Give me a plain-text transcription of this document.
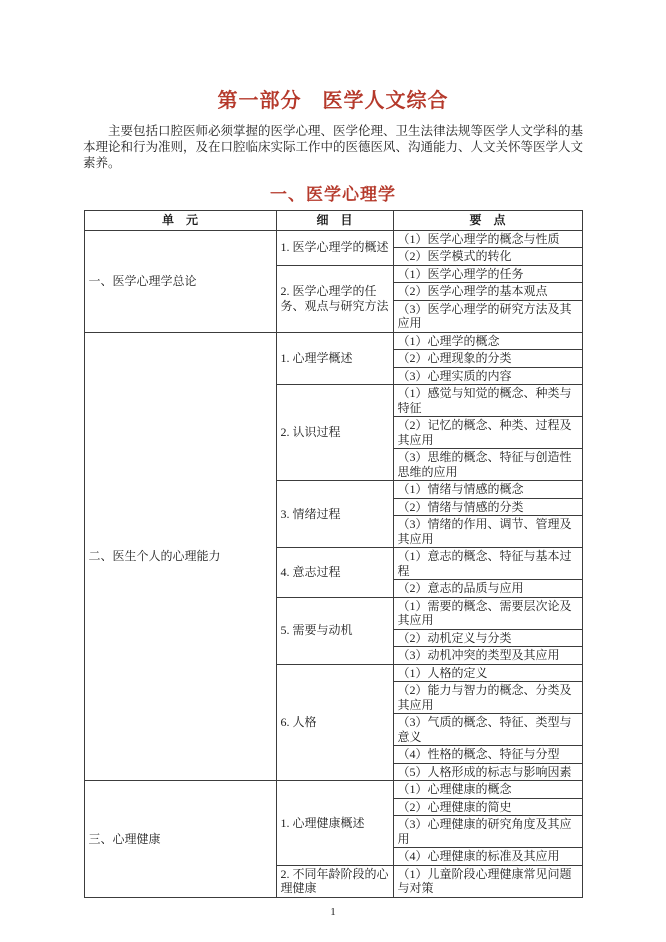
第一部分　医学人文综合

主要包括口腔医师必须掌握的医学心理、医学伦理、卫生法律法规等医学人文学科的基本理论和行为准则，及在口腔临床实际工作中的医德医风、沟通能力、人文关怀等医学人文素养。

一、医学心理学
单　元	细　目	要　点
一、医学心理学总论	1. 医学心理学的概述	（1）医学心理学的概念与性质
		（2）医学模式的转化
	2. 医学心理学的任务、观点与研究方法	（1）医学心理学的任务
		（2）医学心理学的基本观点
		（3）医学心理学的研究方法及其应用
二、医生个人的心理能力	1. 心理学概述	（1）心理学的概念
		（2）心理现象的分类
		（3）心理实质的内容
	2. 认识过程	（1）感觉与知觉的概念、种类与特征
		（2）记忆的概念、种类、过程及其应用
		（3）思维的概念、特征与创造性思维的应用
	3. 情绪过程	（1）情绪与情感的概念
		（2）情绪与情感的分类
		（3）情绪的作用、调节、管理及其应用
	4. 意志过程	（1）意志的概念、特征与基本过程
		（2）意志的品质与应用
	5. 需要与动机	（1）需要的概念、需要层次论及其应用
		（2）动机定义与分类
		（3）动机冲突的类型及其应用
	6. 人格	（1）人格的定义
		（2）能力与智力的概念、分类及其应用
		（3）气质的概念、特征、类型与意义
		（4）性格的概念、特征与分型
		（5）人格形成的标志与影响因素
三、心理健康	1. 心理健康概述	（1）心理健康的概念
		（2）心理健康的简史
		（3）心理健康的研究角度及其应用
		（4）心理健康的标准及其应用
	2. 不同年龄阶段的心理健康	（1）儿童阶段心理健康常见问题与对策
1
